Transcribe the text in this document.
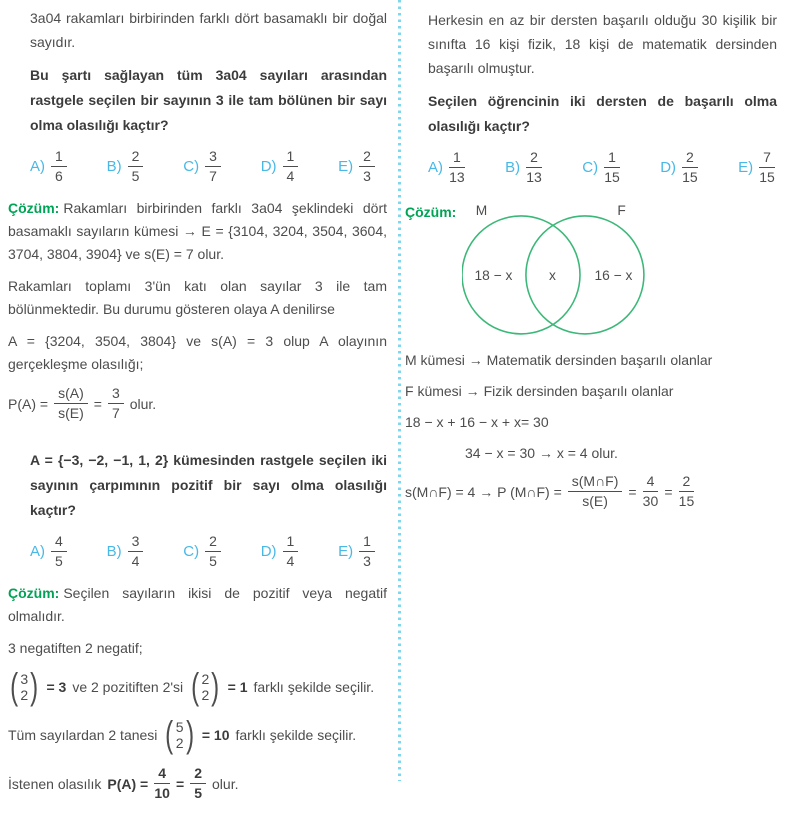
3a04 rakamları birbirinden farklı dört basamaklı bir doğal sayıdır.

Bu şartı sağlayan tüm 3a04 sayıları arasından rastgele seçilen bir sayının 3 ile tam bölünen bir sayı olma olasılığı kaçtır?

$A) \frac{1}{6}$	$B) \frac{2}{5}$	$C) \frac{3}{7}$	$D) \frac{1}{4}$	$E) \frac{2}{3}$

Çözüm: Rakamları birbirinden farklı 3a04 şeklindeki dört basamaklı sayıların kümesi → E = {3104, 3204, 3504, 3604, 3704, 3804, 3904} ve s(E) = 7 olur.

Rakamları toplamı 3'ün katı olan sayılar 3 ile tam bölünmektedir. Bu durumu gösteren olaya A denilirse

A = {3204, 3504, 3804} ve s(A) = 3 olup A olayının gerçekleşme olasılığı;

$P(A) = \frac{s(A)}{s(E)} = \frac{3}{7}$ olur.

A = {−3, −2, −1, 1, 2} kümesinden rastgele seçilen iki sayının çarpımının pozitif bir sayı olma olasılığı kaçtır?

$A) \frac{4}{5}$	$B) \frac{3}{4}$	$C) \frac{2}{5}$	$D) \frac{1}{4}$	$E) \frac{1}{3}$

Çözüm: Seçilen sayıların ikisi de pozitif veya negatif olmalıdır.

3 negatiften 2 negatif;

( 3
2 ) = 3 ve 2 pozitiften 2'si ( 2
2 ) = 1 farklı şekilde seçilir.
Tüm sayılardan 2 tanesi ( 5
2 ) = 10 farklı şekilde seçilir.
İstenen olasılık $P(A) = \frac{4}{10} = \frac{2}{5}$ olur.

Herkesin en az bir dersten başarılı olduğu 30 kişilik bir sınıfta 16 kişi fizik, 18 kişi de matematik dersinden başarılı olmuştur.

Seçilen öğrencinin iki dersten de başarılı olma olasılığı kaçtır?

$A) \frac{1}{13}$	$B) \frac{2}{13}$	$C) \frac{1}{15}$	$D) \frac{2}{15}$	$E) \frac{7}{15}$
Çözüm: M	F
18 − x	x	16 − x

M kümesi → Matematik dersinden başarılı olanlar

F kümesi → Fizik dersinden başarılı olanlar

18 − x + 16 − x + x= 30

34 − x = 30 → x = 4 olur.

s(M∩F) = 4 → P (M∩F) = $\frac{s(M\cap F)}{s(E)} = \frac{4}{30} = \frac{2}{15}$
